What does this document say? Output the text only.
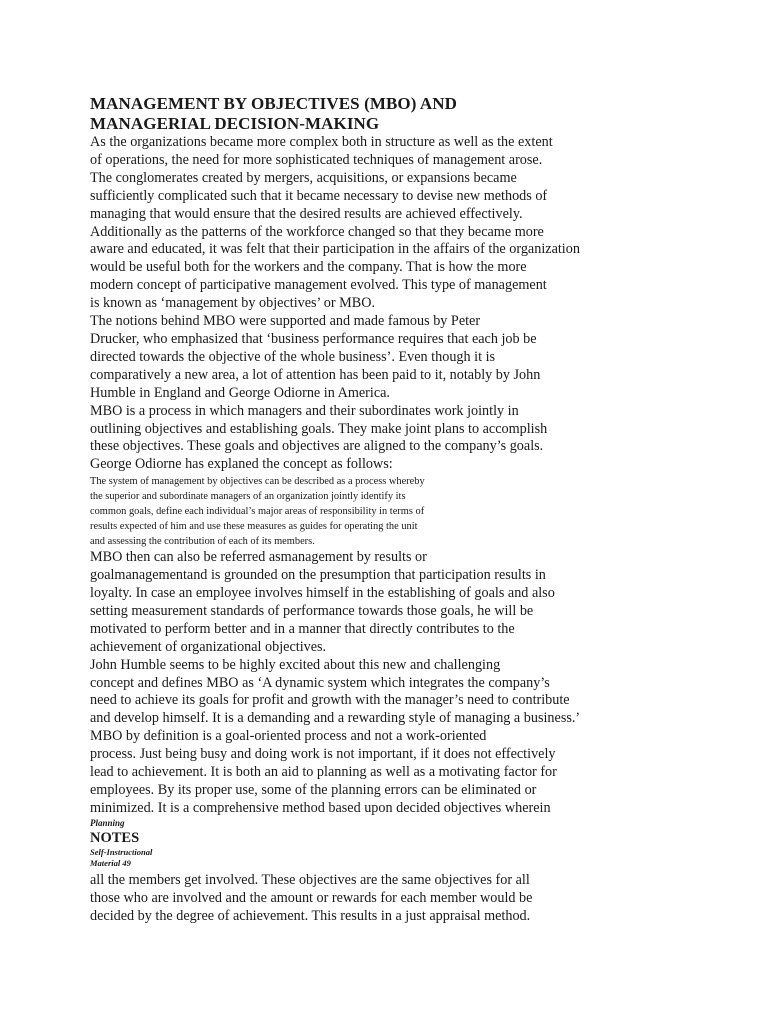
MANAGEMENT BY OBJECTIVES (MBO) AND
MANAGERIAL DECISION-MAKING
As the organizations became more complex both in structure as well as the extent
of operations, the need for more sophisticated techniques of management arose.
The conglomerates created by mergers, acquisitions, or expansions became
sufficiently complicated such that it became necessary to devise new methods of
managing that would ensure that the desired results are achieved effectively.
Additionally as the patterns of the workforce changed so that they became more
aware and educated, it was felt that their participation in the affairs of the organization
would be useful both for the workers and the company. That is how the more
modern concept of participative management evolved. This type of management
is known as ‘management by objectives’ or MBO.
The notions behind MBO were supported and made famous by Peter
Drucker, who emphasized that ‘business performance requires that each job be
directed towards the objective of the whole business’. Even though it is
comparatively a new area, a lot of attention has been paid to it, notably by John
Humble in England and George Odiorne in America.
MBO is a process in which managers and their subordinates work jointly in
outlining objectives and establishing goals. They make joint plans to accomplish
these objectives. These goals and objectives are aligned to the company’s goals.
George Odiorne has explaned the concept as follows:
The system of management by objectives can be described as a process whereby
the superior and subordinate managers of an organization jointly identify its
common goals, define each individual’s major areas of responsibility in terms of
results expected of him and use these measures as guides for operating the unit
and assessing the contribution of each of its members.
MBO then can also be referred asmanagement by results or
goalmanagementand is grounded on the presumption that participation results in
loyalty. In case an employee involves himself in the establishing of goals and also
setting measurement standards of performance towards those goals, he will be
motivated to perform better and in a manner that directly contributes to the
achievement of organizational objectives.
John Humble seems to be highly excited about this new and challenging
concept and defines MBO as ‘A dynamic system which integrates the company’s
need to achieve its goals for profit and growth with the manager’s need to contribute
and develop himself. It is a demanding and a rewarding style of managing a business.’
MBO by definition is a goal-oriented process and not a work-oriented
process. Just being busy and doing work is not important, if it does not effectively
lead to achievement. It is both an aid to planning as well as a motivating factor for
employees. By its proper use, some of the planning errors can be eliminated or
minimized. It is a comprehensive method based upon decided objectives wherein
Planning
NOTES
Self-Instructional
Material 49
all the members get involved. These objectives are the same objectives for all
those who are involved and the amount or rewards for each member would be
decided by the degree of achievement. This results in a just appraisal method.
